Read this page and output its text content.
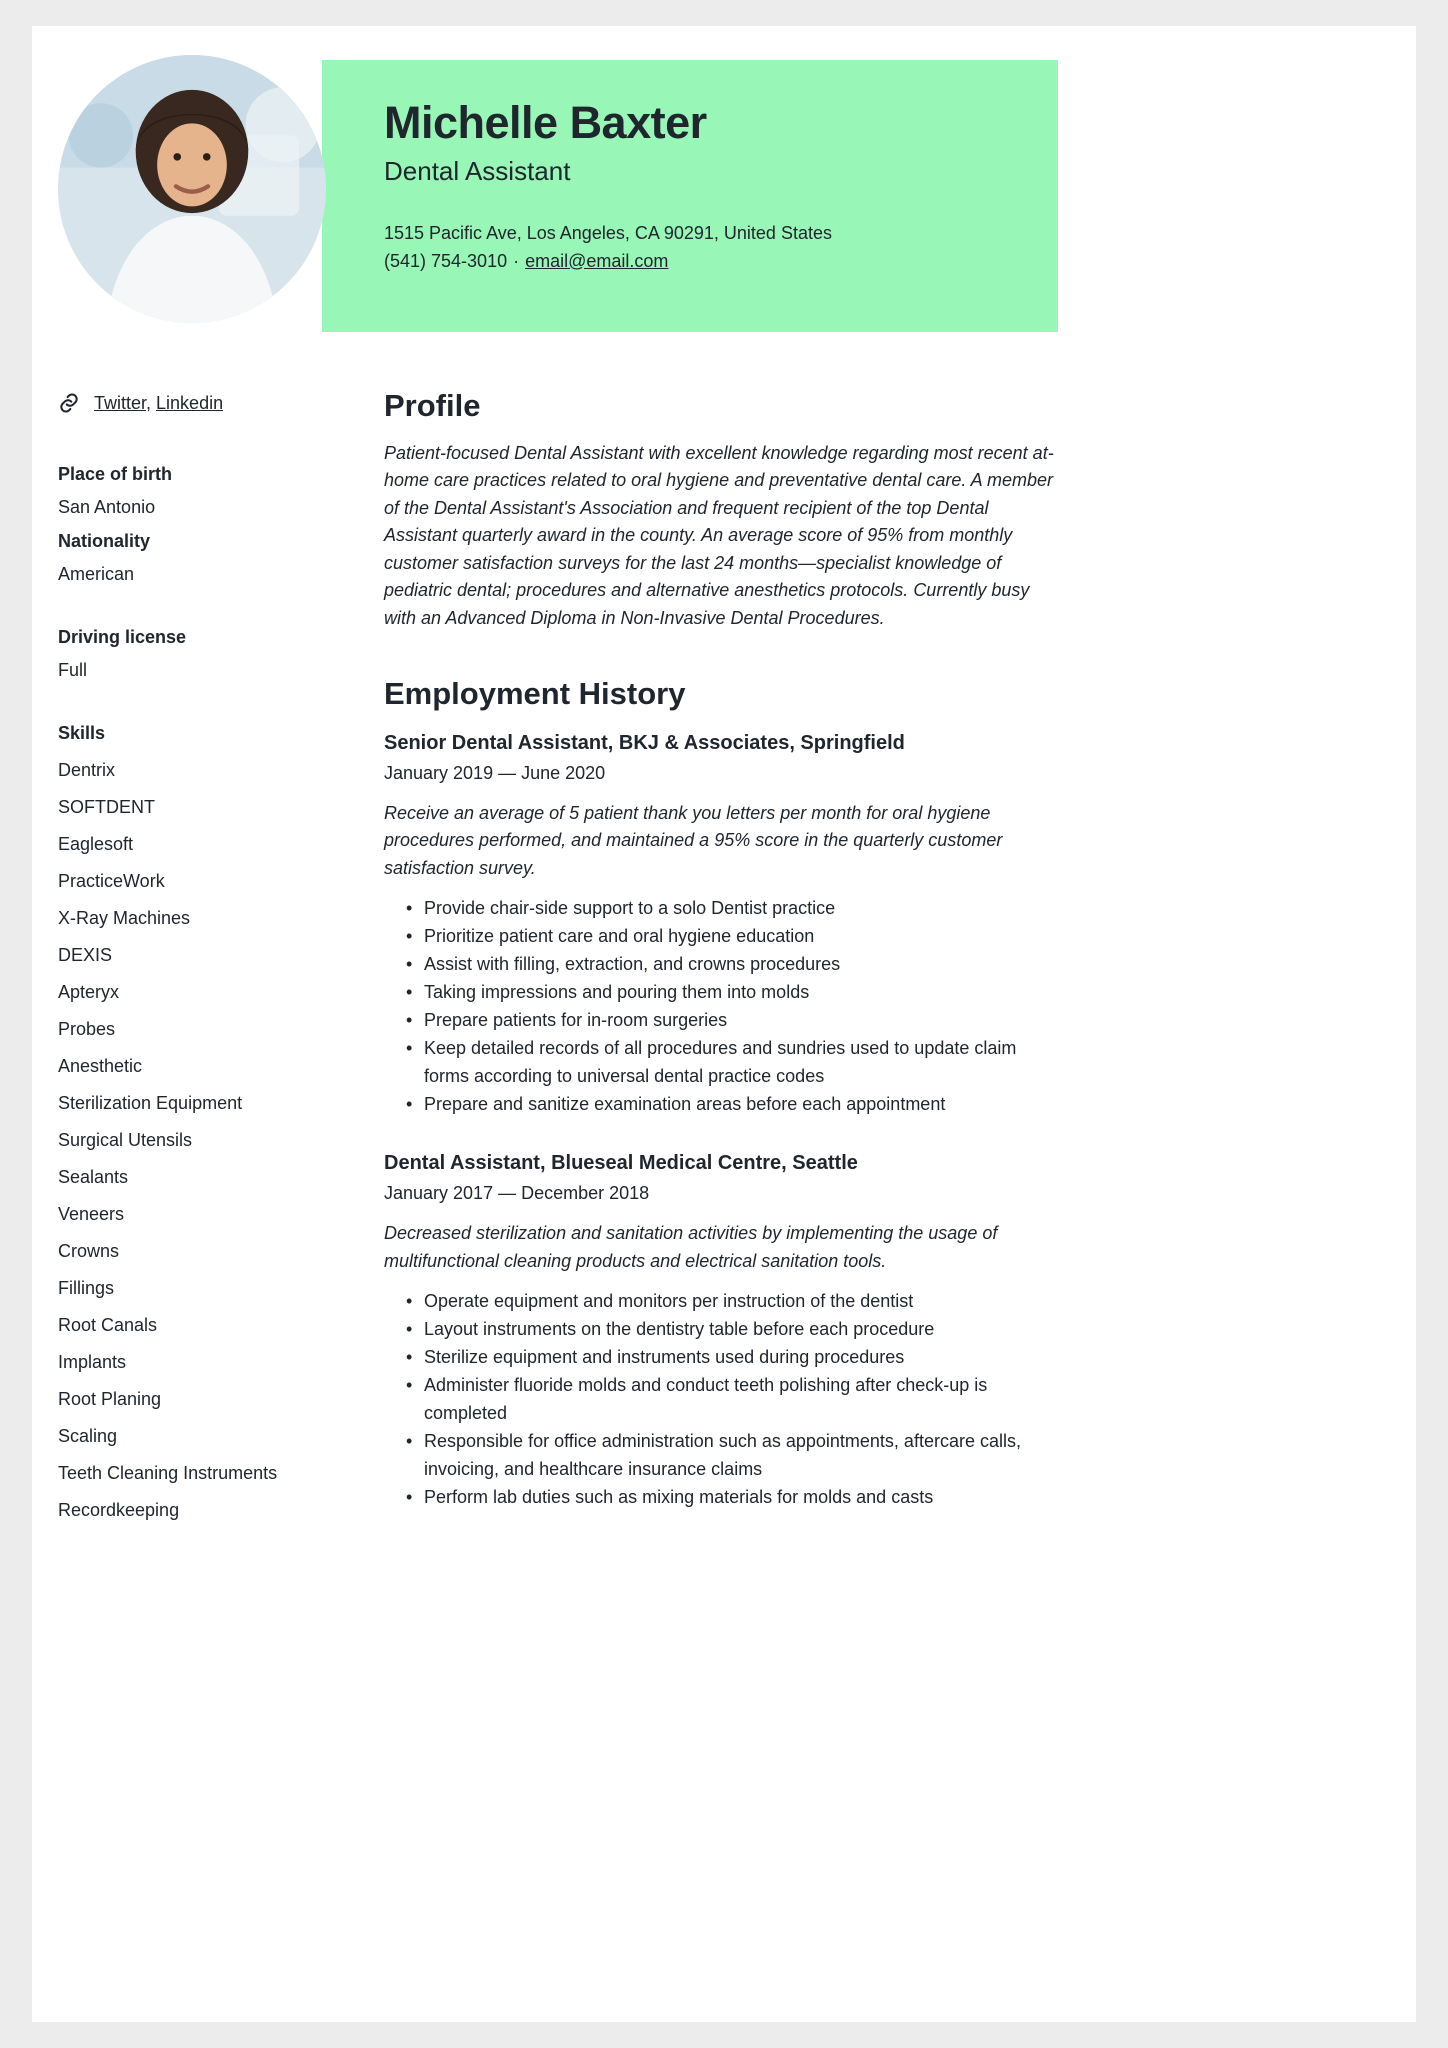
Michelle Baxter
Dental Assistant
1515 Pacific Ave, Los Angeles, CA 90291, United States
(541) 754-3010 · email@email.com
Twitter, Linkedin
Place of birth
San Antonio
Nationality
American
Driving license
Full
Skills
Dentrix
SOFTDENT
Eaglesoft
PracticeWork
X-Ray Machines
DEXIS
Apteryx
Probes
Anesthetic
Sterilization Equipment
Surgical Utensils
Sealants
Veneers
Crowns
Fillings
Root Canals
Implants
Root Planing
Scaling
Teeth Cleaning Instruments
Recordkeeping
Profile

Patient-focused Dental Assistant with excellent knowledge regarding most recent at-home care practices related to oral hygiene and preventative dental care. A member of the Dental Assistant's Association and frequent recipient of the top Dental Assistant quarterly award in the county. An average score of 95% from monthly customer satisfaction surveys for the last 24 months—specialist knowledge of pediatric dental; procedures and alternative anesthetics protocols. Currently busy with an Advanced Diploma in Non-Invasive Dental Procedures.

Employment History
Senior Dental Assistant, BKJ & Associates, Springfield
January 2019 — June 2020

Receive an average of 5 patient thank you letters per month for oral hygiene procedures performed, and maintained a 95% score in the quarterly customer satisfaction survey.

• Provide chair-side support to a solo Dentist practice
• Prioritize patient care and oral hygiene education
• Assist with filling, extraction, and crowns procedures
• Taking impressions and pouring them into molds
• Prepare patients for in-room surgeries
• Keep detailed records of all procedures and sundries used to update claim forms according to universal dental practice codes
• Prepare and sanitize examination areas before each appointment
Dental Assistant, Blueseal Medical Centre, Seattle
January 2017 — December 2018

Decreased sterilization and sanitation activities by implementing the usage of multifunctional cleaning products and electrical sanitation tools.

• Operate equipment and monitors per instruction of the dentist
• Layout instruments on the dentistry table before each procedure
• Sterilize equipment and instruments used during procedures
• Administer fluoride molds and conduct teeth polishing after check-up is completed
• Responsible for office administration such as appointments, aftercare calls, invoicing, and healthcare insurance claims
• Perform lab duties such as mixing materials for molds and casts
